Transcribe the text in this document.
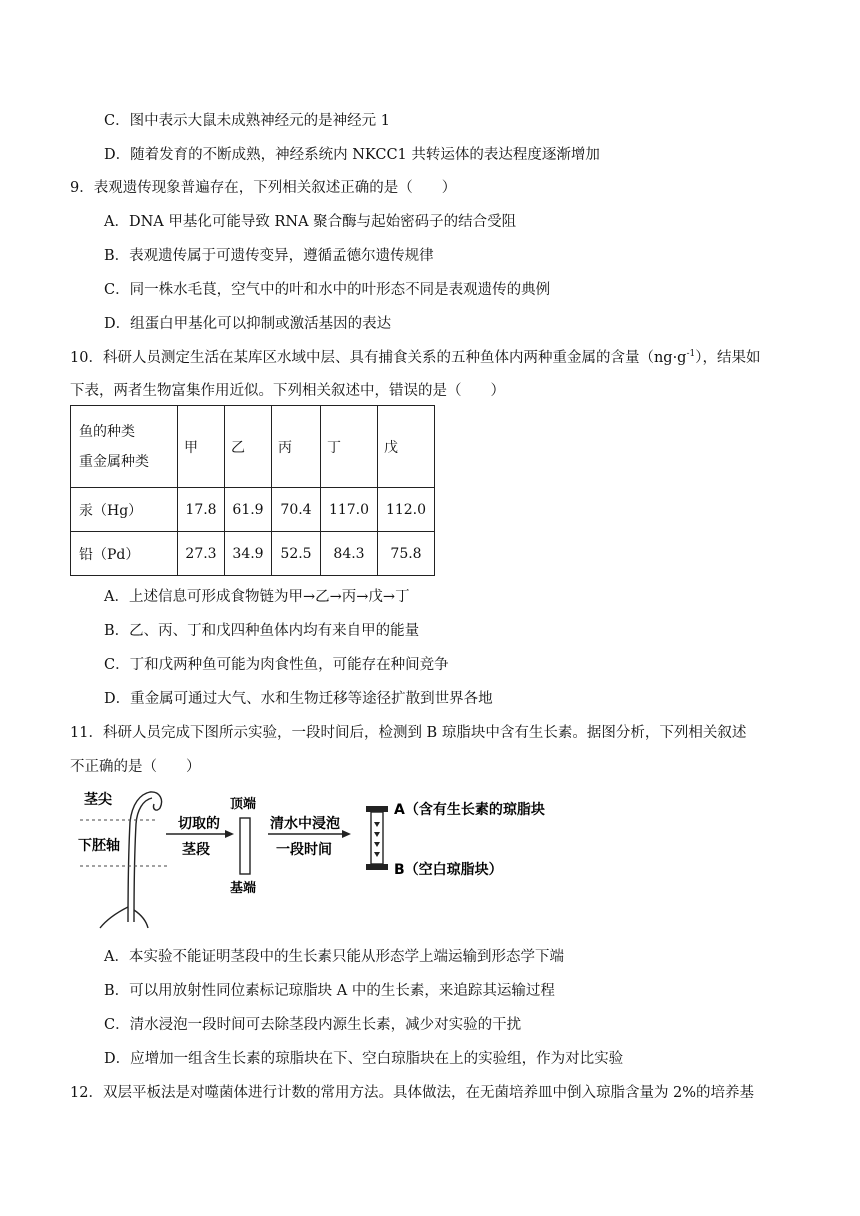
C．图中表示大鼠未成熟神经元的是神经元 1
D．随着发育的不断成熟，神经系统内 NKCC1 共转运体的表达程度逐渐增加
9．表观遗传现象普遍存在，下列相关叙述正确的是（　　）
A．DNA 甲基化可能导致 RNA 聚合酶与起始密码子的结合受阻
B．表观遗传属于可遗传变异，遵循孟德尔遗传规律
C．同一株水毛茛，空气中的叶和水中的叶形态不同是表观遗传的典例
D．组蛋白甲基化可以抑制或激活基因的表达
10．科研人员测定生活在某库区水域中层、具有捕食关系的五种鱼体内两种重金属的含量$(ng\cdot g^{-1})$，结果如
下表，两者生物富集作用近似。下列相关叙述中，错误的是（　　）
鱼的种类
重金属种类	甲	乙	丙	丁	戊
汞（Hg）	17.8	61.9	70.4	117.0	112.0
铅（Pd）	27.3	34.9	52.5	84.3	75.8
A．上述信息可形成食物链为甲→乙→丙→戊→丁
B．乙、丙、丁和戊四种鱼体内均有来自甲的能量
C．丁和戊两种鱼可能为肉食性鱼，可能存在种间竞争
D．重金属可通过大气、水和生物迁移等途径扩散到世界各地
11．科研人员完成下图所示实验，一段时间后，检测到 B 琼脂块中含有生长素。据图分析，下列相关叙述
不正确的是（　　）
茎尖
下胚轴
切取的
茎段
顶端
基端
清水中浸泡
一段时间
A（含有生长素的琼脂块
B（空白琼脂块）
A．本实验不能证明茎段中的生长素只能从形态学上端运输到形态学下端
B．可以用放射性同位素标记琼脂块 A 中的生长素，来追踪其运输过程
C．清水浸泡一段时间可去除茎段内源生长素，减少对实验的干扰
D．应增加一组含生长素的琼脂块在下、空白琼脂块在上的实验组，作为对比实验
12．双层平板法是对噬菌体进行计数的常用方法。具体做法，在无菌培养皿中倒入琼脂含量为 2%的培养基
